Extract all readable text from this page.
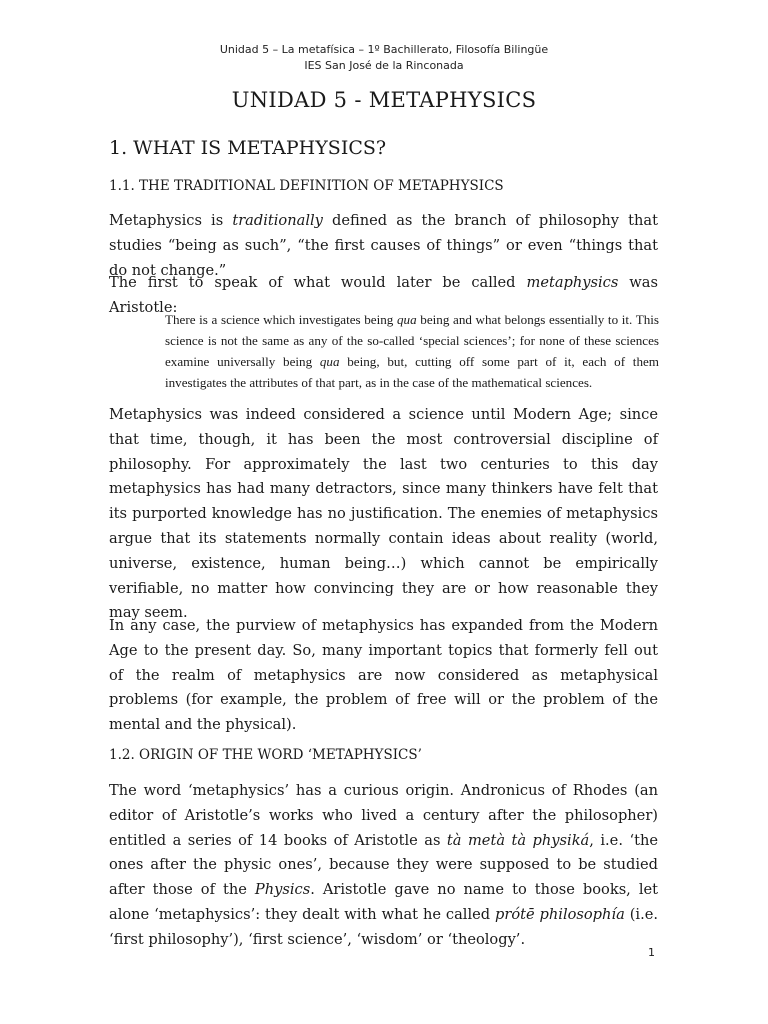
Unidad 5 – La metafísica – 1º Bachillerato, Filosofía Bilingüe
IES San José de la Rinconada
UNIDAD 5 - METAPHYSICS
1. WHAT IS METAPHYSICS?
1.1. THE TRADITIONAL DEFINITION OF METAPHYSICS

Metaphysics is traditionally defined as the branch of philosophy that studies “being as such”, “the first causes of things” or even “things that do not change.”

The first to speak of what would later be called metaphysics was Aristotle:

There is a science which investigates being qua being and what belongs essentially to it. This science is not the same as any of the so-called ‘special sciences’; for none of these sciences examine universally being qua being, but, cutting off some part of it, each of them investigates the attributes of that part, as in the case of the mathematical sciences.

Metaphysics was indeed considered a science until Modern Age; since that time, though, it has been the most controversial discipline of philosophy. For approximately the last two centuries to this day metaphysics has had many detractors, since many thinkers have felt that its purported knowledge has no justification. The enemies of metaphysics argue that its statements normally contain ideas about reality (world, universe, existence, human being…) which cannot be empirically verifiable, no matter how convincing they are or how reasonable they may seem.

In any case, the purview of metaphysics has expanded from the Modern Age to the present day. So, many important topics that formerly fell out of the realm of metaphysics are now considered as metaphysical problems (for example, the problem of free will or the problem of the mental and the physical).

1.2. ORIGIN OF THE WORD ‘METAPHYSICS’

The word ‘metaphysics’ has a curious origin. Andronicus of Rhodes (an editor of Aristotle’s works who lived a century after the philosopher) entitled a series of 14 books of Aristotle as tà metà tà physiká, i.e. ‘the ones after the physic ones’, because they were supposed to be studied after those of the Physics. Aristotle gave no name to those books, let alone ‘metaphysics’: they dealt with what he called prótē philosophía (i.e. ‘first philosophy’), ‘first science’, ‘wisdom’ or ‘theology’.

1
